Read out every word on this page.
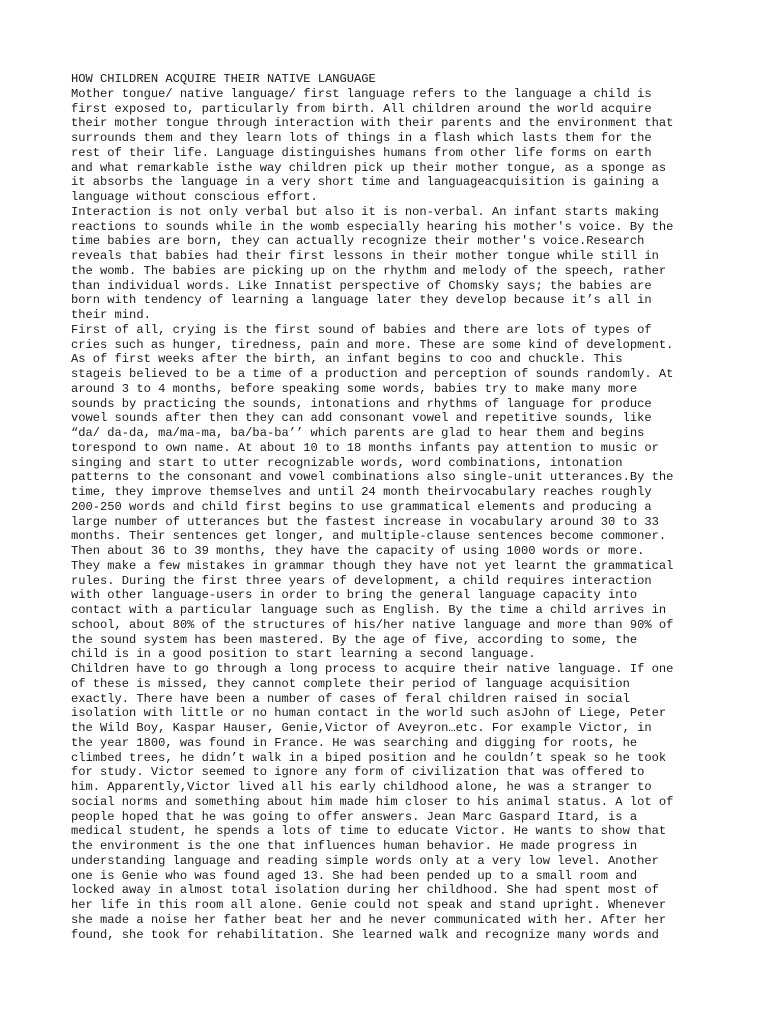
HOW CHILDREN ACQUIRE THEIR NATIVE LANGUAGE

Mother tongue/ native language/ first language refers to the language a child is
first exposed to, particularly from birth. All children around the world acquire
their mother tongue through interaction with their parents and the environment that
surrounds them and they learn lots of things in a flash which lasts them for the
rest of their life. Language distinguishes humans from other life forms on earth
and what remarkable isthe way children pick up their mother tongue, as a sponge as
it absorbs the language in a very short time and languageacquisition is gaining a
language without conscious effort.

Interaction is not only verbal but also it is non-verbal. An infant starts making
reactions to sounds while in the womb especially hearing his mother's voice. By the
time babies are born, they can actually recognize their mother's voice.Research
reveals that babies had their first lessons in their mother tongue while still in
the womb. The babies are picking up on the rhythm and melody of the speech, rather
than individual words. Like Innatist perspective of Chomsky says; the babies are
born with tendency of learning a language later they develop because it’s all in
their mind.

First of all, crying is the first sound of babies and there are lots of types of
cries such as hunger, tiredness, pain and more. These are some kind of development.
As of first weeks after the birth, an infant begins to coo and chuckle. This
stageis believed to be a time of a production and perception of sounds randomly. At
around 3 to 4 months, before speaking some words, babies try to make many more
sounds by practicing the sounds, intonations and rhythms of language for produce
vowel sounds after then they can add consonant vowel and repetitive sounds, like
“da/ da-da, ma/ma-ma, ba/ba-ba’’ which parents are glad to hear them and begins
torespond to own name. At about 10 to 18 months infants pay attention to music or
singing and start to utter recognizable words, word combinations, intonation
patterns to the consonant and vowel combinations also single-unit utterances.By the
time, they improve themselves and until 24 month theirvocabulary reaches roughly
200-250 words and child first begins to use grammatical elements and producing a
large number of utterances but the fastest increase in vocabulary around 30 to 33
months. Their sentences get longer, and multiple-clause sentences become commoner.
Then about 36 to 39 months, they have the capacity of using 1000 words or more.
They make a few mistakes in grammar though they have not yet learnt the grammatical
rules. During the first three years of development, a child requires interaction
with other language-users in order to bring the general language capacity into
contact with a particular language such as English. By the time a child arrives in
school, about 80% of the structures of his/her native language and more than 90% of
the sound system has been mastered. By the age of five, according to some, the
child is in a good position to start learning a second language.

Children have to go through a long process to acquire their native language. If one
of these is missed, they cannot complete their period of language acquisition
exactly. There have been a number of cases of feral children raised in social
isolation with little or no human contact in the world such asJohn of Liege, Peter
the Wild Boy, Kaspar Hauser, Genie,Victor of Aveyron…etc. For example Victor, in
the year 1800, was found in France. He was searching and digging for roots, he
climbed trees, he didn’t walk in a biped position and he couldn’t speak so he took
for study. Victor seemed to ignore any form of civilization that was offered to
him. Apparently,Victor lived all his early childhood alone, he was a stranger to
social norms and something about him made him closer to his animal status. A lot of
people hoped that he was going to offer answers. Jean Marc Gaspard Itard, is a
medical student, he spends a lots of time to educate Victor. He wants to show that
the environment is the one that influences human behavior. He made progress in
understanding language and reading simple words only at a very low level. Another
one is Genie who was found aged 13. She had been pended up to a small room and
locked away in almost total isolation during her childhood. She had spent most of
her life in this room all alone. Genie could not speak and stand upright. Whenever
she made a noise her father beat her and he never communicated with her. After her
found, she took for rehabilitation. She learned walk and recognize many words and
